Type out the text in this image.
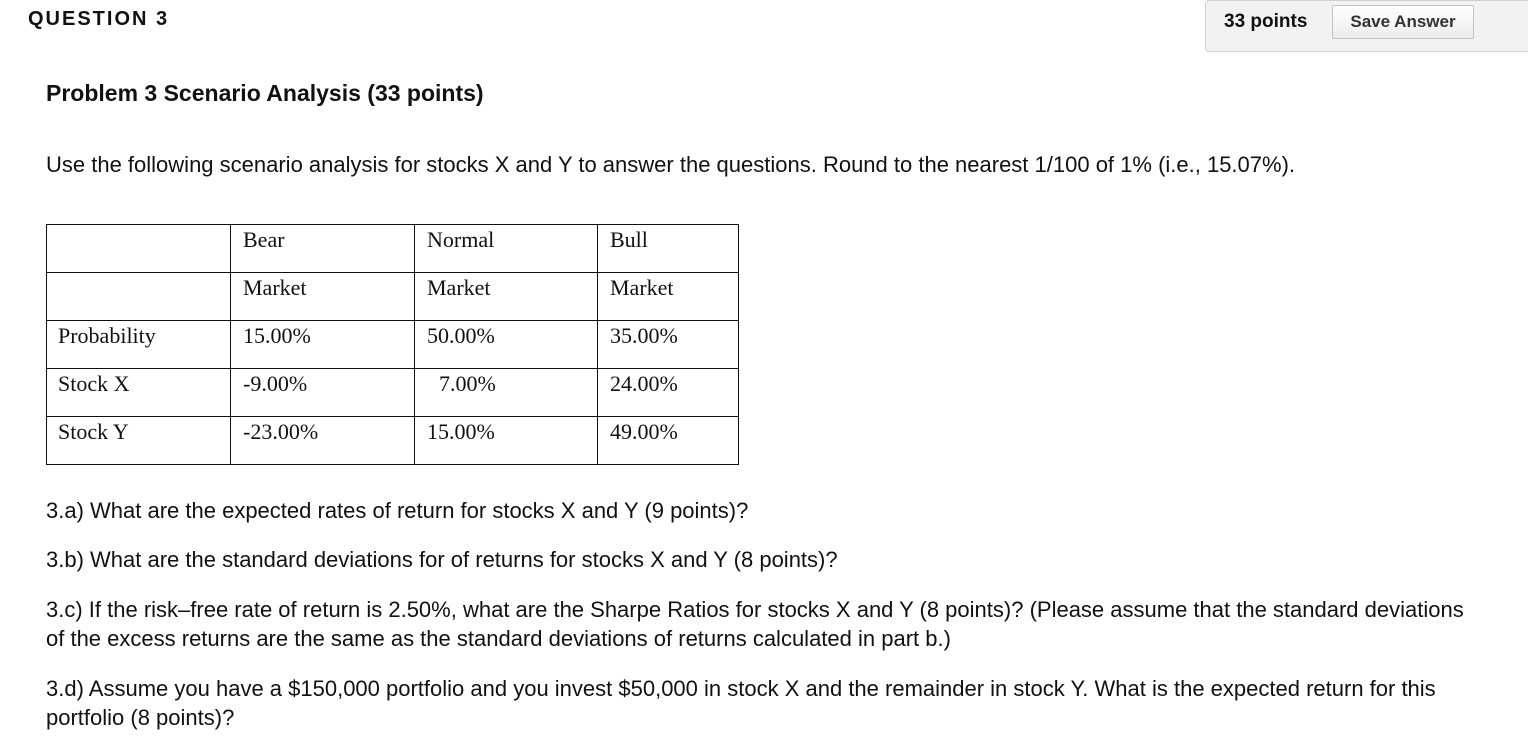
QUESTION 3	33 points	Save Answer
Problem 3 Scenario Analysis (33 points)
Use the following scenario analysis for stocks X and Y to answer the questions. Round to the nearest 1/100 of 1% (i.e., 15.07%).

	Bear	Normal	Bull

	Market	Market	Market

Probability	15.00%	50.00%	35.00%

Stock X	-9.00%	7.00%	24.00%

Stock Y	-23.00%	15.00%	49.00%
3.a) What are the expected rates of return for stocks X and Y (9 points)?
3.b) What are the standard deviations for of returns for stocks X and Y (8 points)?
3.c) If the risk–free rate of return is 2.50%, what are the Sharpe Ratios for stocks X and Y (8 points)? (Please assume that the standard deviations of the excess returns are the same as the standard deviations of returns calculated in part b.)
3.d) Assume you have a $150,000 portfolio and you invest $50,000 in stock X and the remainder in stock Y. What is the expected return for this portfolio (8 points)?
